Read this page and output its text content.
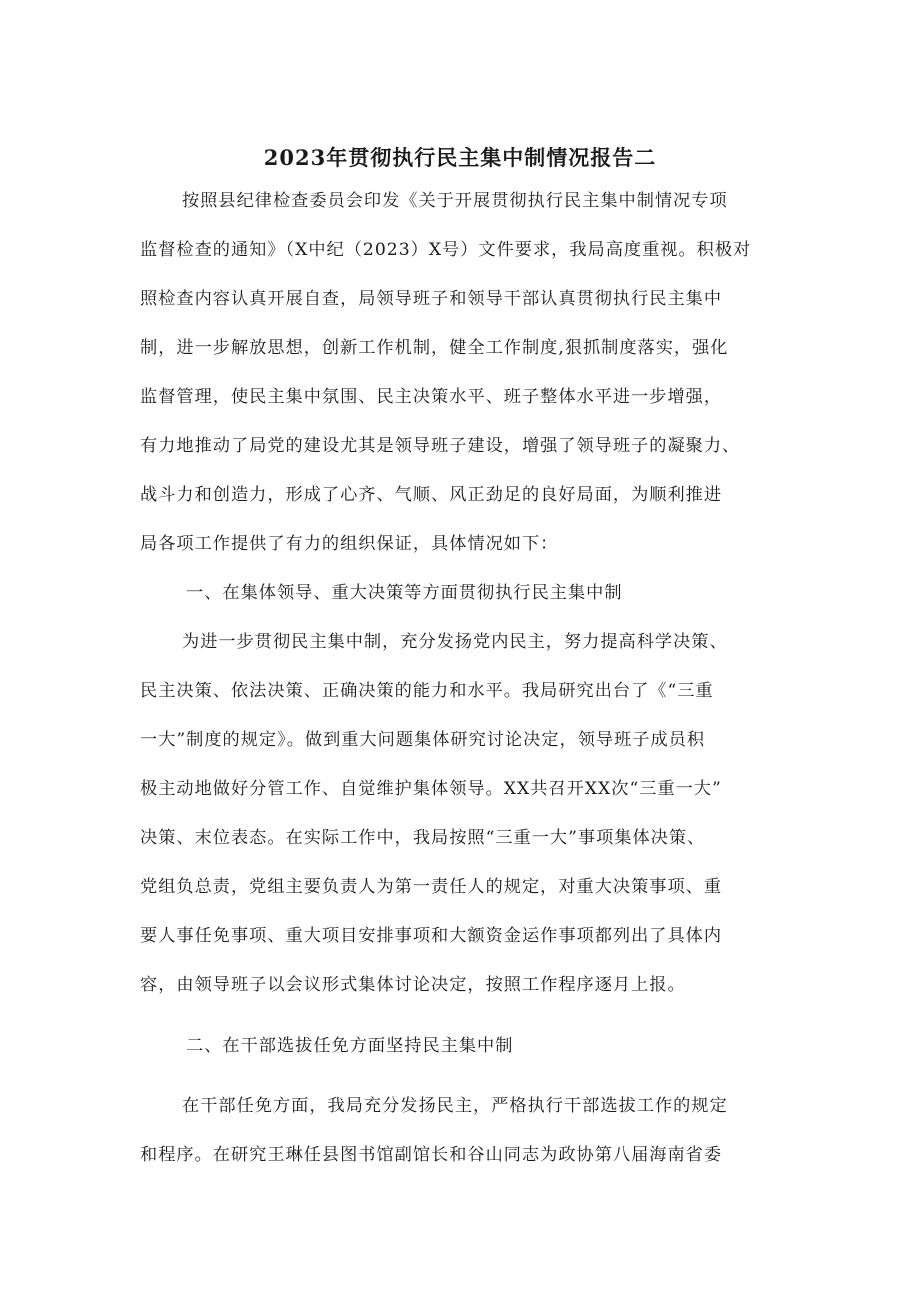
2023年贯彻执行民主集中制情况报告二
按照县纪律检查委员会印发《关于开展贯彻执行民主集中制情况专项
监督检查的通知》（X中纪（2023）X号）文件要求，我局高度重视。积极对
照检查内容认真开展自查，局领导班子和领导干部认真贯彻执行民主集中
制，进一步解放思想，创新工作机制，健全工作制度,狠抓制度落实，强化
监督管理，使民主集中氛围、民主决策水平、班子整体水平进一步增强，
有力地推动了局党的建设尤其是领导班子建设，增强了领导班子的凝聚力、
战斗力和创造力，形成了心齐、气顺、风正劲足的良好局面，为顺利推进
局各项工作提供了有力的组织保证，具体情况如下：
一、在集体领导、重大决策等方面贯彻执行民主集中制
为进一步贯彻民主集中制，充分发扬党内民主，努力提高科学决策、
民主决策、依法决策、正确决策的能力和水平。我局研究出台了《“三重
一大”制度的规定》。做到重大问题集体研究讨论决定，领导班子成员积
极主动地做好分管工作、自觉维护集体领导。XX共召开XX次“三重一大”
决策、末位表态。在实际工作中，我局按照“三重一大”事项集体决策、
党组负总责，党组主要负责人为第一责任人的规定，对重大决策事项、重
要人事任免事项、重大项目安排事项和大额资金运作事项都列出了具体内
容，由领导班子以会议形式集体讨论决定，按照工作程序逐月上报。
二、在干部选拔任免方面坚持民主集中制
在干部任免方面，我局充分发扬民主，严格执行干部选拔工作的规定
和程序。在研究王琳任县图书馆副馆长和谷山同志为政协第八届海南省委
